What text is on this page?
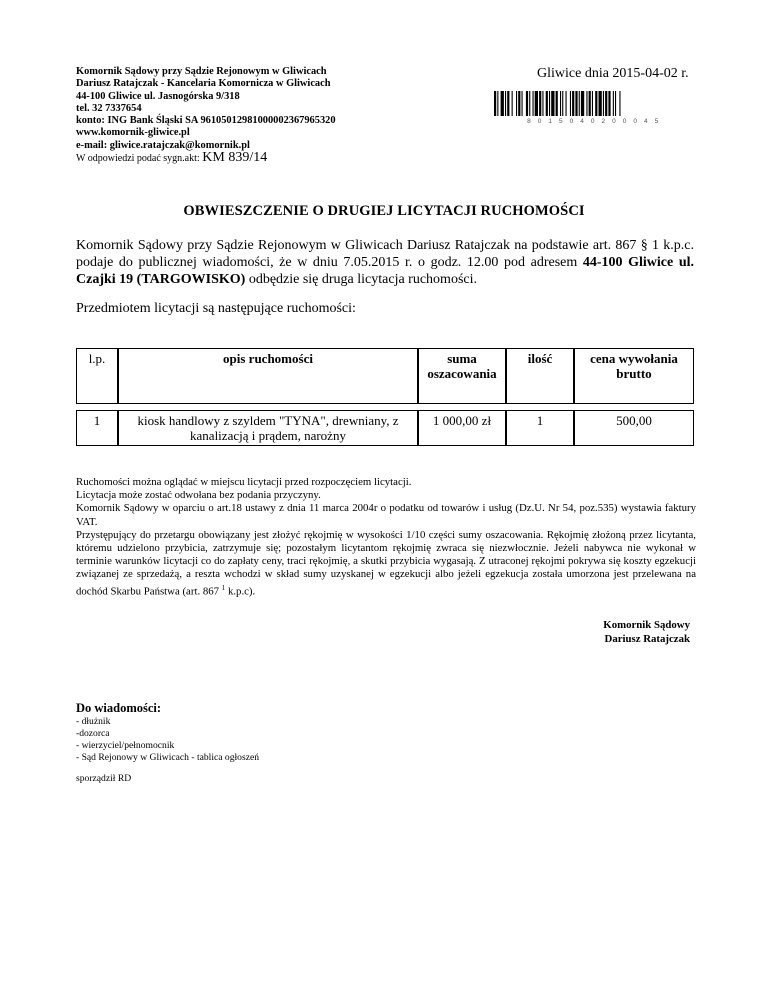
Komornik Sądowy przy Sądzie Rejonowym w Gliwicach
Dariusz Ratajczak - Kancelaria Komornicza w Gliwicach
44-100 Gliwice ul. Jasnogórska 9/318
tel. 32 7337654
konto: ING Bank Śląski SA 96105012981000002367965320
www.komornik-gliwice.pl
e-mail: gliwice.ratajczak@komornik.pl
W odpowiedzi podać sygn.akt: KM 839/14
Gliwice dnia 2015-04-02 r.
8 0 1 5 0 4 0 2 0 0 0 4 5
OBWIESZCZENIE O DRUGIEJ LICYTACJI RUCHOMOŚCI
Komornik Sądowy przy Sądzie Rejonowym w Gliwicach Dariusz Ratajczak na podstawie art. 867 § 1 k.p.c. podaje do publicznej wiadomości, że w dniu 7.05.2015 r. o godz. 12.00 pod adresem 44-100 Gliwice ul. Czajki 19 (TARGOWISKO) odbędzie się druga licytacja ruchomości.
Przedmiotem licytacji są następujące ruchomości:
l.p.	opis ruchomości	suma oszacowania	ilość	cena wywołania brutto
1	kiosk handlowy z szyldem "TYNA", drewniany, z kanalizacją i prądem, narożny	1 000,00 zł	1	500,00
Ruchomości można oglądać w miejscu licytacji przed rozpoczęciem licytacji.
Licytacja może zostać odwołana bez podania przyczyny.
Komornik Sądowy w oparciu o art.18 ustawy z dnia 11 marca 2004r o podatku od towarów i usług (Dz.U. Nr 54, poz.535) wystawia faktury VAT.
Przystępujący do przetargu obowiązany jest złożyć rękojmię w wysokości 1/10 części sumy oszacowania. Rękojmię złożoną przez licytanta, któremu udzielono przybicia, zatrzymuje się; pozostałym licytantom rękojmię zwraca się niezwłocznie. Jeżeli nabywca nie wykonał w terminie warunków licytacji co do zapłaty ceny, traci rękojmię, a skutki przybicia wygasają. Z utraconej rękojmi pokrywa się koszty egzekucji związanej ze sprzedażą, a reszta wchodzi w skład sumy uzyskanej w egzekucji albo jeżeli egzekucja została umorzona jest przelewana na dochód Skarbu Państwa (art. 867 $^1$ k.p.c).
Komornik Sądowy
Dariusz Ratajczak
Do wiadomości:
- dłużnik
-dozorca
- wierzyciel/pełnomocnik
- Sąd Rejonowy w Gliwicach - tablica ogłoszeń
sporządził RD
